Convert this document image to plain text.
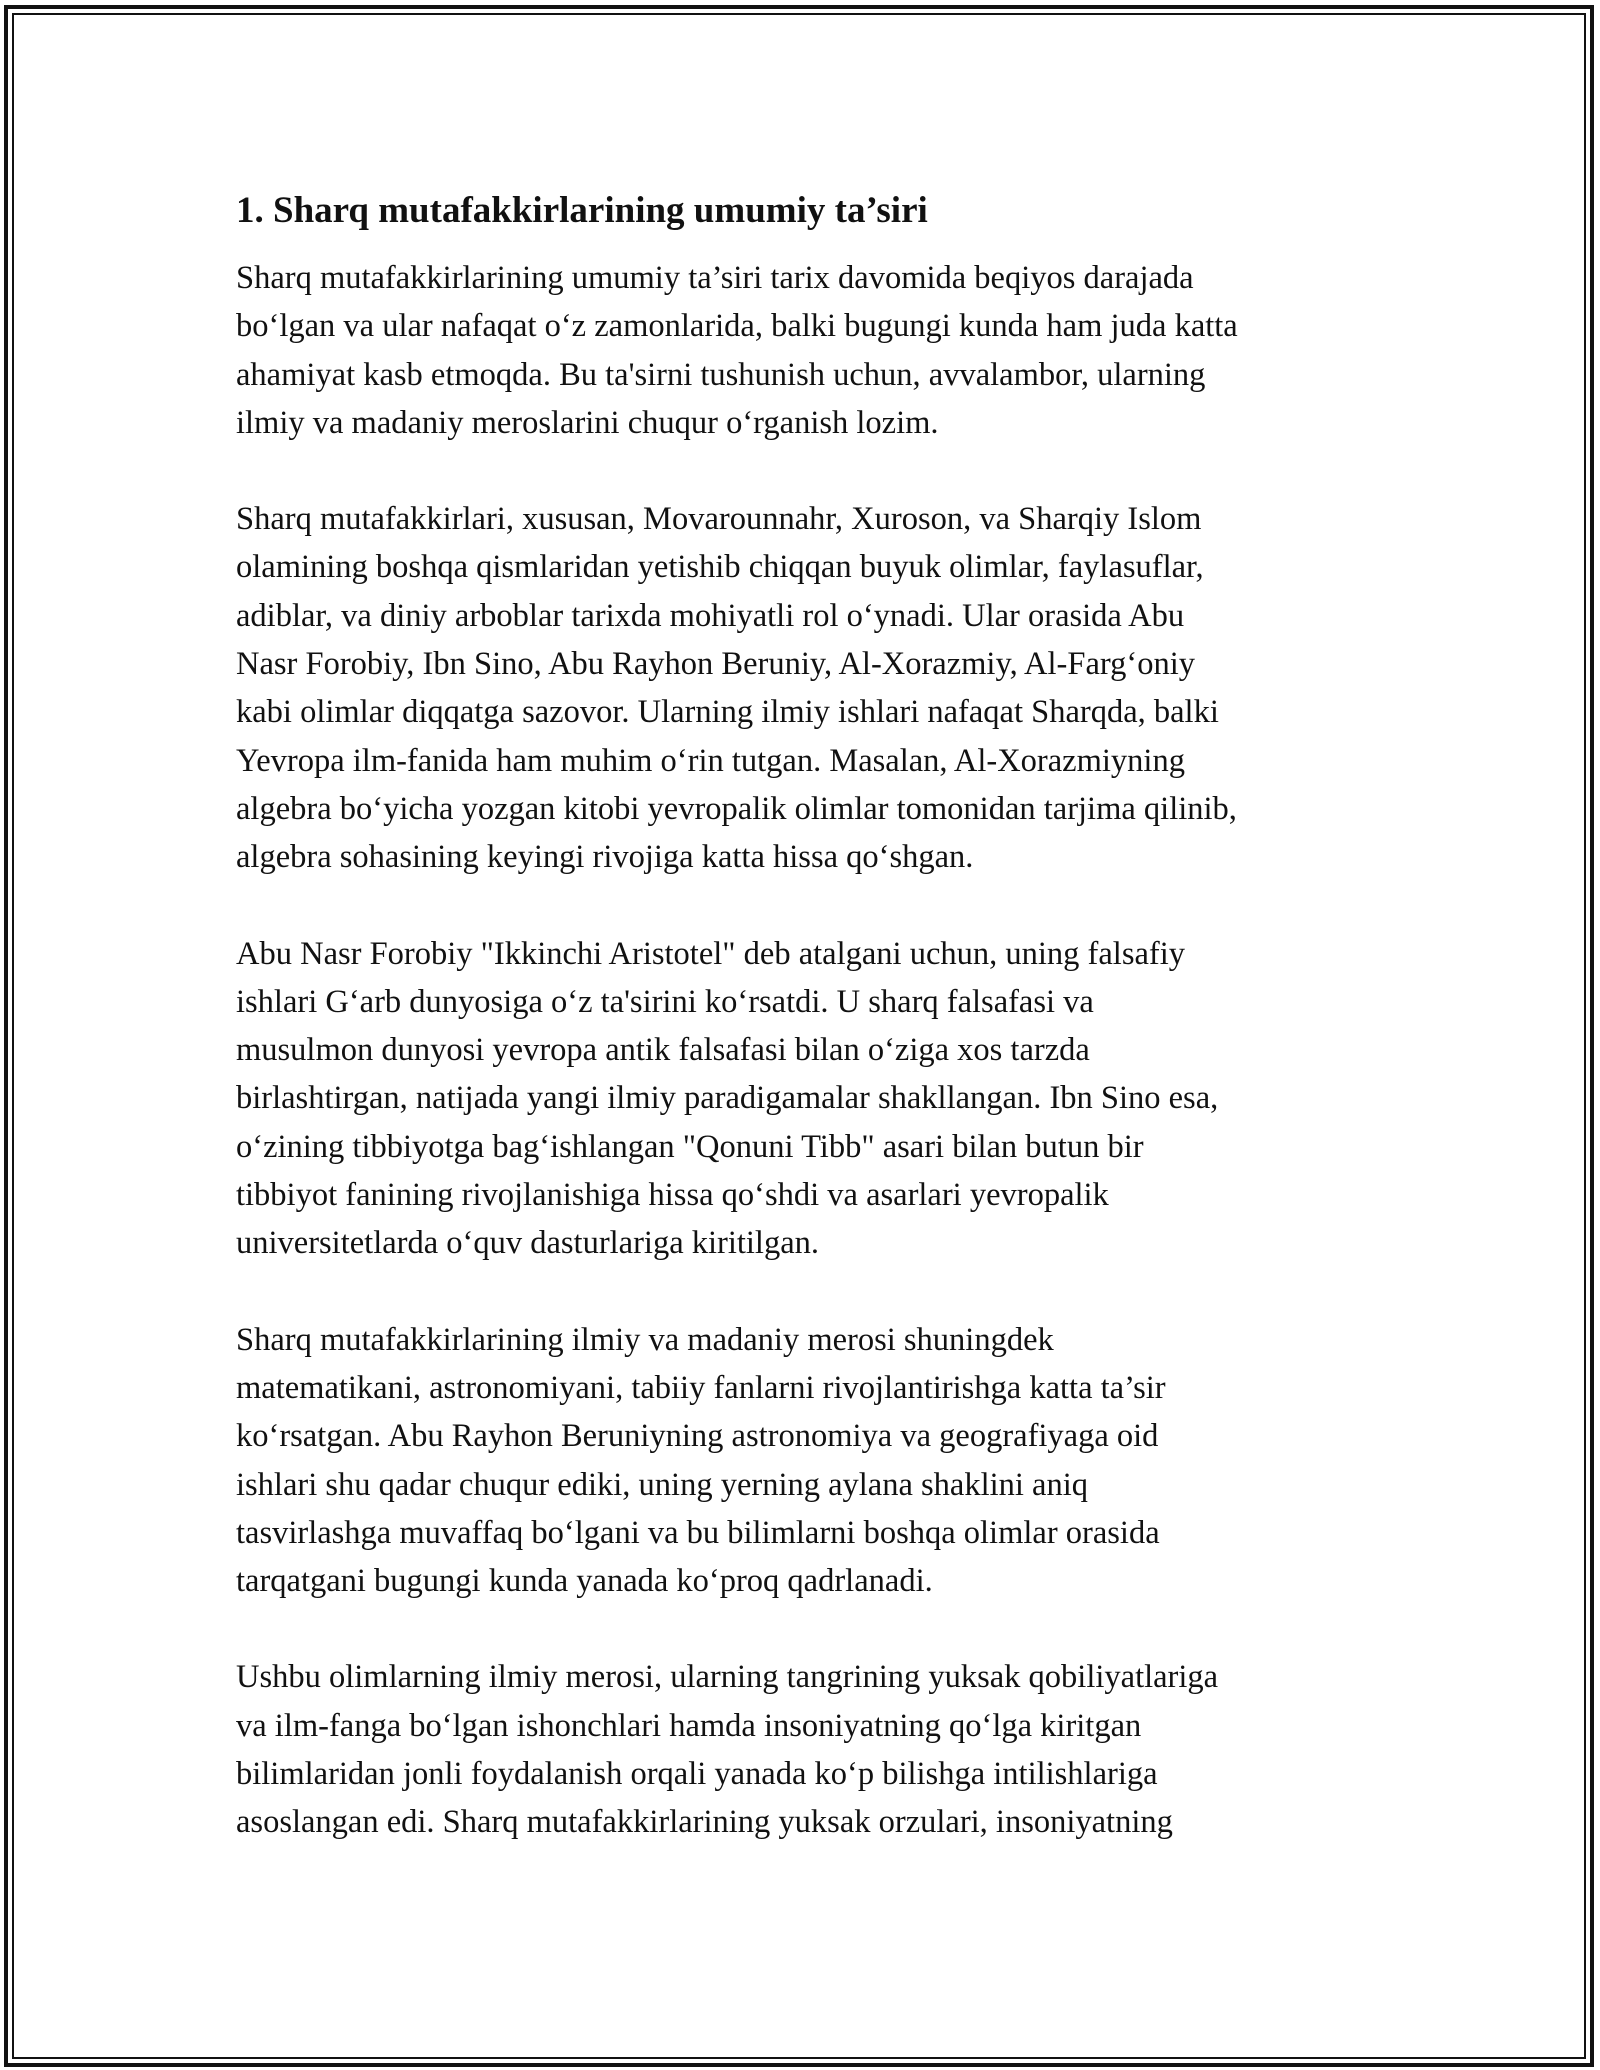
1. Sharq mutafakkirlarining umumiy ta’siri
Sharq mutafakkirlarining umumiy ta’siri tarix davomida beqiyos darajada
bo‘lgan va ular nafaqat o‘z zamonlarida, balki bugungi kunda ham juda katta
ahamiyat kasb etmoqda. Bu ta'sirni tushunish uchun, avvalambor, ularning
ilmiy va madaniy meroslarini chuqur o‘rganish lozim.
Sharq mutafakkirlari, xususan, Movarounnahr, Xuroson, va Sharqiy Islom
olamining boshqa qismlaridan yetishib chiqqan buyuk olimlar, faylasuflar,
adiblar, va diniy arboblar tarixda mohiyatli rol o‘ynadi. Ular orasida Abu
Nasr Forobiy, Ibn Sino, Abu Rayhon Beruniy, Al-Xorazmiy, Al-Farg‘oniy
kabi olimlar diqqatga sazovor. Ularning ilmiy ishlari nafaqat Sharqda, balki
Yevropa ilm-fanida ham muhim o‘rin tutgan. Masalan, Al-Xorazmiyning
algebra bo‘yicha yozgan kitobi yevropalik olimlar tomonidan tarjima qilinib,
algebra sohasining keyingi rivojiga katta hissa qo‘shgan.
Abu Nasr Forobiy "Ikkinchi Aristotel" deb atalgani uchun, uning falsafiy
ishlari G‘arb dunyosiga o‘z ta'sirini ko‘rsatdi. U sharq falsafasi va
musulmon dunyosi yevropa antik falsafasi bilan o‘ziga xos tarzda
birlashtirgan, natijada yangi ilmiy paradigamalar shakllangan. Ibn Sino esa,
o‘zining tibbiyotga bag‘ishlangan "Qonuni Tibb" asari bilan butun bir
tibbiyot fanining rivojlanishiga hissa qo‘shdi va asarlari yevropalik
universitetlarda o‘quv dasturlariga kiritilgan.
Sharq mutafakkirlarining ilmiy va madaniy merosi shuningdek
matematikani, astronomiyani, tabiiy fanlarni rivojlantirishga katta ta’sir
ko‘rsatgan. Abu Rayhon Beruniyning astronomiya va geografiyaga oid
ishlari shu qadar chuqur ediki, uning yerning aylana shaklini aniq
tasvirlashga muvaffaq bo‘lgani va bu bilimlarni boshqa olimlar orasida
tarqatgani bugungi kunda yanada ko‘proq qadrlanadi.
Ushbu olimlarning ilmiy merosi, ularning tangrining yuksak qobiliyatlariga
va ilm-fanga bo‘lgan ishonchlari hamda insoniyatning qo‘lga kiritgan
bilimlaridan jonli foydalanish orqali yanada ko‘p bilishga intilishlariga
asoslangan edi. Sharq mutafakkirlarining yuksak orzulari, insoniyatning
